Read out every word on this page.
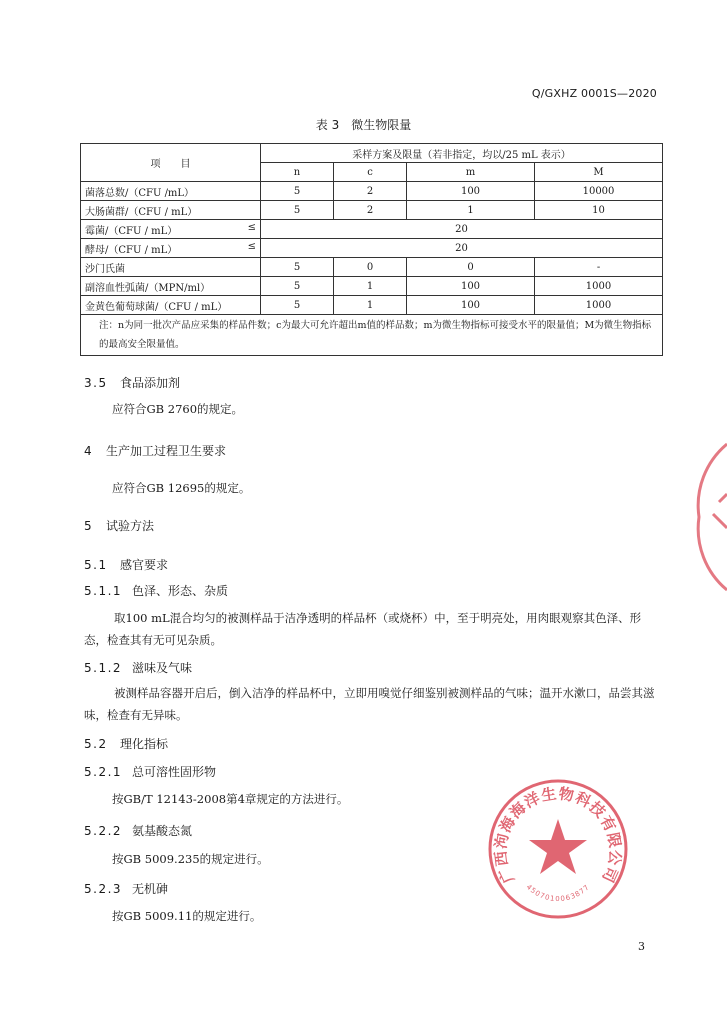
Q/GXHZ 0001S—2020
表 3　微生物限量
项　　目	采样方案及限量（若非指定，均以/25 mL 表示）			
	n	c	m	M
菌落总数/（CFU /mL）	5	2	100	10000
大肠菌群/（CFU / mL）	5	2	1	10
霉菌/（CFU / mL） ≤	20			
酵母/（CFU / mL） ≤	20			
沙门氏菌	5	0	0	-
副溶血性弧菌/（MPN/ml）	5	1	100	1000
金黄色葡萄球菌/（CFU / mL）	5	1	100	1000
注：n为同一批次产品应采集的样品件数；c为最大可允许超出m值的样品数；m为微生物指标可接受水平的限量值；M为微生物指标的最高安全限量值。				
3.5 食品添加剂
应符合GB 2760的规定。
4 生产加工过程卫生要求
应符合GB 12695的规定。
5 试验方法
5.1 感官要求
5.1.1 色泽、形态、杂质
取100 mL混合均匀的被测样品于洁净透明的样品杯（或烧杯）中，至于明亮处，用肉眼观察其色泽、形态，检查其有无可见杂质。
5.1.2 滋味及气味
被测样品容器开启后，倒入洁净的样品杯中，立即用嗅觉仔细鉴别被测样品的气味；温开水漱口，品尝其滋味，检查有无异味。
5.2 理化指标
5.2.1 总可溶性固形物
按GB/T 12143-2008第4章规定的方法进行。
5.2.2 氨基酸态氮
按GB 5009.235的规定进行。
5.2.3 无机砷
按GB 5009.11的规定进行。
广西泃海海洋生物科技有限公司
4507010063877
3
